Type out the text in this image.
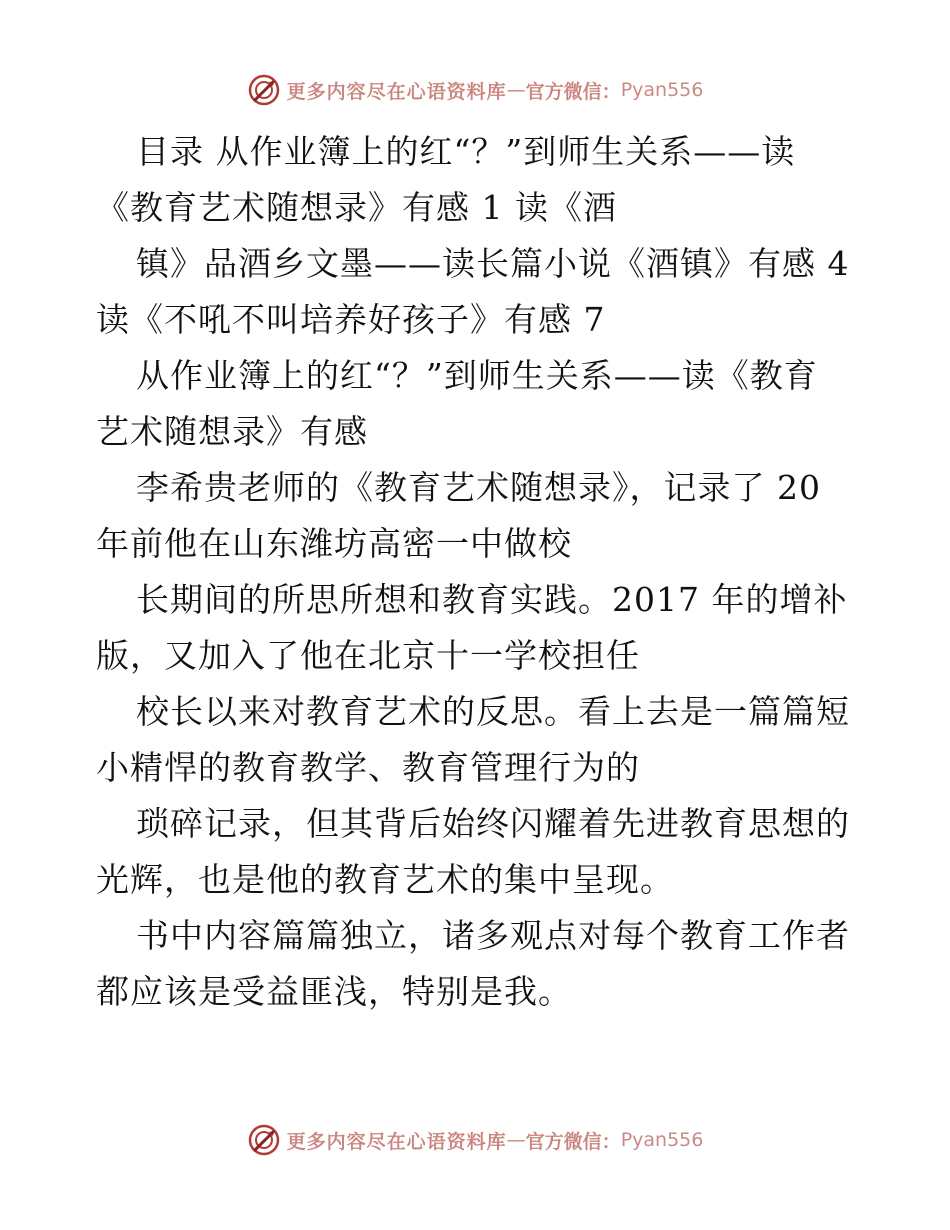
更多内容尽在心语资料库 — 官方微信： Pyan556
目录 从作业簿上的红“？”到师生关系——读
《教育艺术随想录》有感 1 读《酒
镇》品酒乡文墨——读长篇小说《酒镇》有感 4
读《不吼不叫培养好孩子》有感 7
从作业簿上的红“？”到师生关系——读《教育
艺术随想录》有感
李希贵老师的《教育艺术随想录》，记录了 20
年前他在山东潍坊高密一中做校
长期间的所思所想和教育实践。2017 年的增补
版，又加入了他在北京十一学校担任
校长以来对教育艺术的反思。看上去是一篇篇短
小精悍的教育教学、教育管理行为的
琐碎记录，但其背后始终闪耀着先进教育思想的
光辉，也是他的教育艺术的集中呈现。
书中内容篇篇独立，诸多观点对每个教育工作者
都应该是受益匪浅，特别是我。
更多内容尽在心语资料库 — 官方微信： Pyan556
